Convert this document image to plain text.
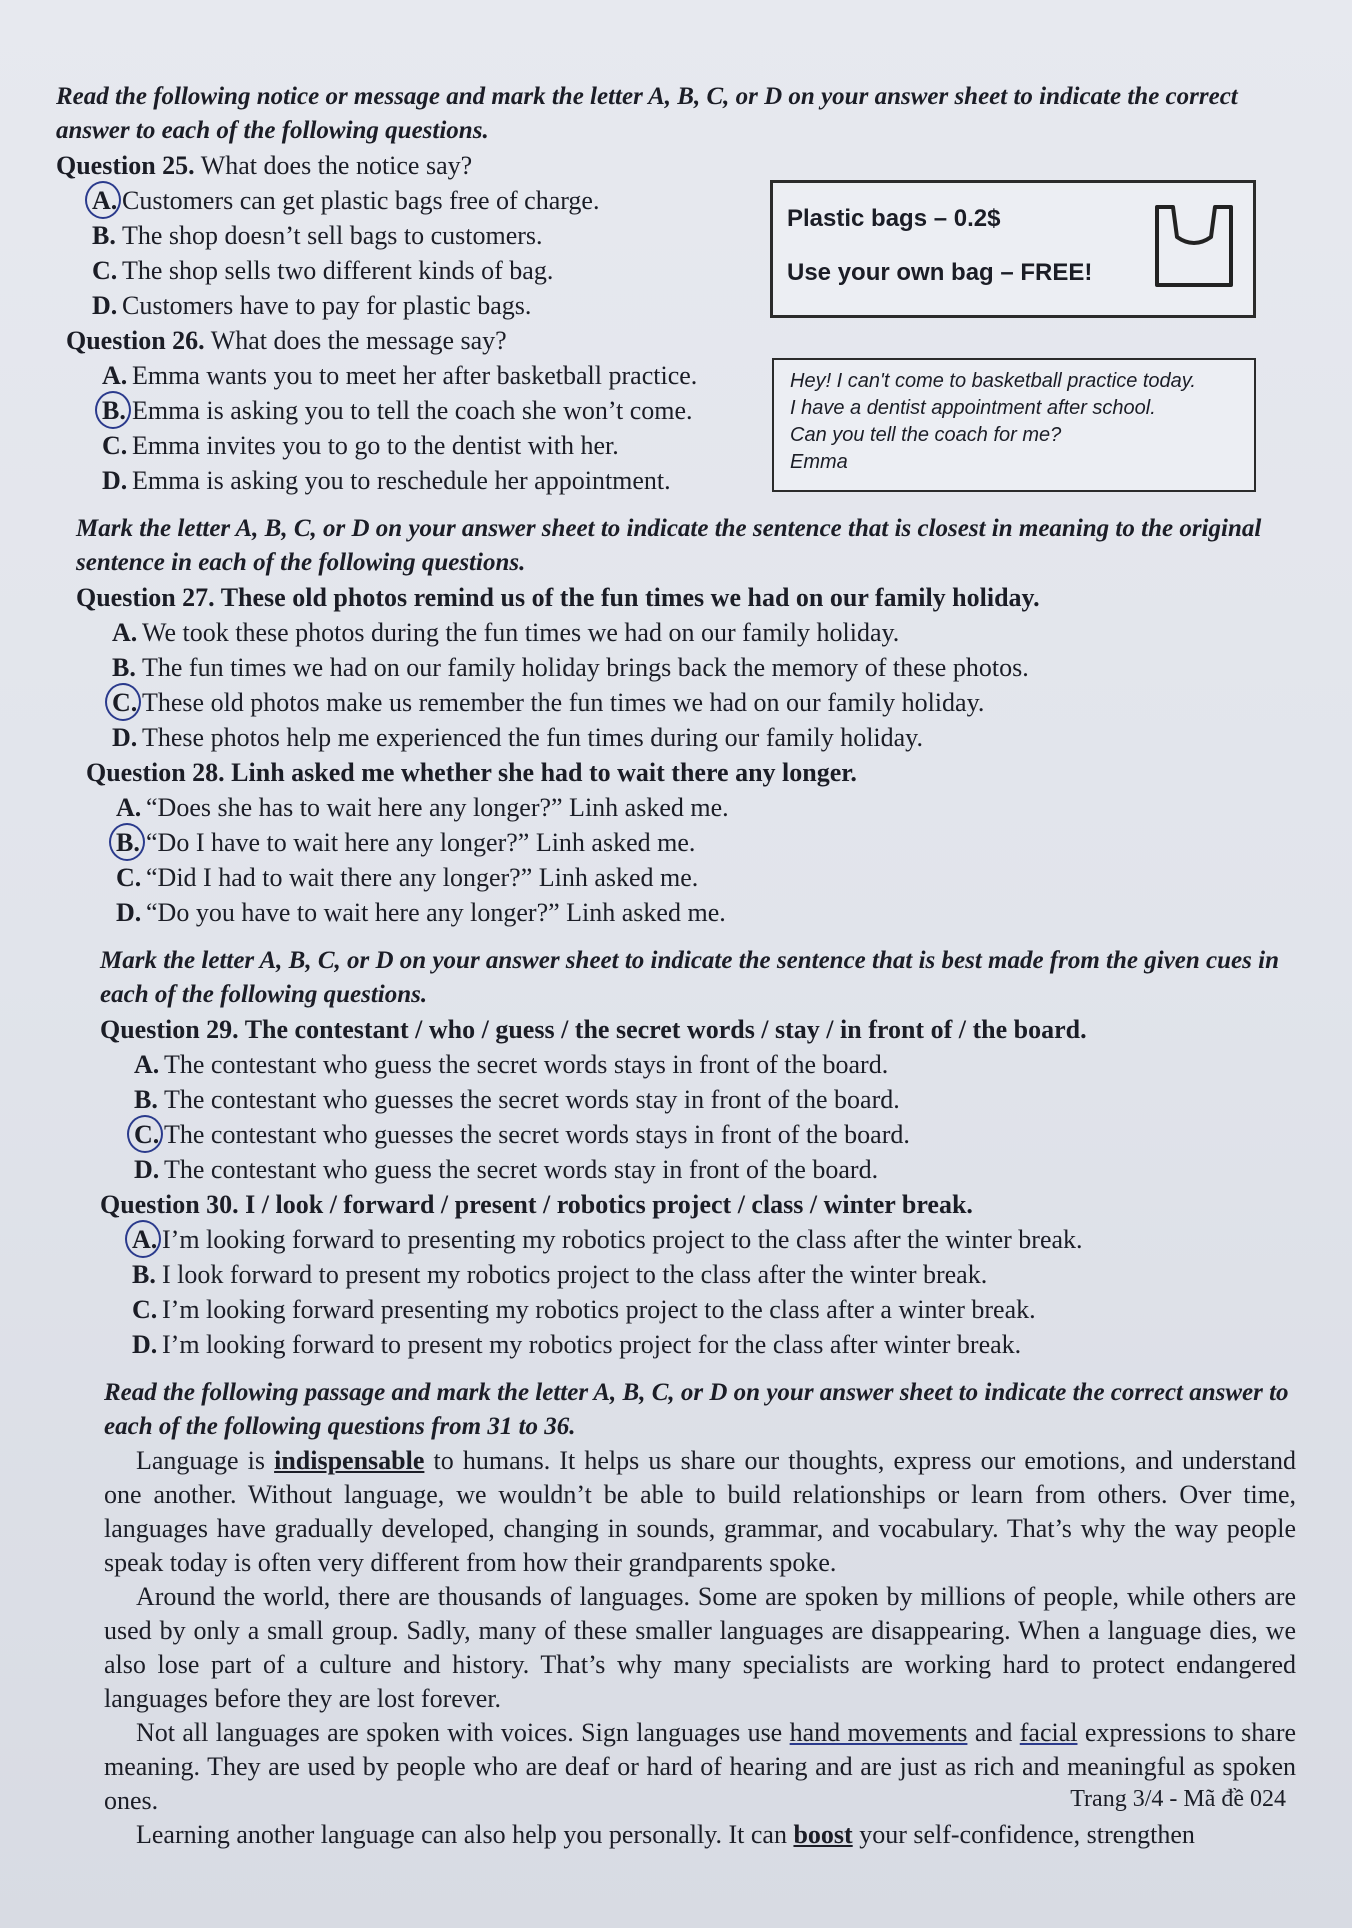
Plastic bags – 0.2$

Use your own bag – FREE!

Hey! I can't come to basketball practice today.

I have a dentist appointment after school.

Can you tell the coach for me?

Emma

Read the following notice or message and mark the letter A, B, C, or D on your answer sheet to indicate the correct answer to each of the following questions.

Question 25. What does the notice say?

A. Customers can get plastic bags free of charge.

B. The shop doesn’t sell bags to customers.

C. The shop sells two different kinds of bag.

D. Customers have to pay for plastic bags.

Question 26. What does the message say?

A. Emma wants you to meet her after basketball practice.

B. Emma is asking you to tell the coach she won’t come.

C. Emma invites you to go to the dentist with her.

D. Emma is asking you to reschedule her appointment.

Mark the letter A, B, C, or D on your answer sheet to indicate the sentence that is closest in meaning to the original sentence in each of the following questions.

Question 27. These old photos remind us of the fun times we had on our family holiday.

A. We took these photos during the fun times we had on our family holiday.

B. The fun times we had on our family holiday brings back the memory of these photos.

C. These old photos make us remember the fun times we had on our family holiday.

D. These photos help me experienced the fun times during our family holiday.

Question 28. Linh asked me whether she had to wait there any longer.

A. “Does she has to wait here any longer?” Linh asked me.

B. “Do I have to wait here any longer?” Linh asked me.

C. “Did I had to wait there any longer?” Linh asked me.

D. “Do you have to wait here any longer?” Linh asked me.

Mark the letter A, B, C, or D on your answer sheet to indicate the sentence that is best made from the given cues in each of the following questions.

Question 29. The contestant / who / guess / the secret words / stay / in front of / the board.

A. The contestant who guess the secret words stays in front of the board.

B. The contestant who guesses the secret words stay in front of the board.

C. The contestant who guesses the secret words stays in front of the board.

D. The contestant who guess the secret words stay in front of the board.

Question 30. I / look / forward / present / robotics project / class / winter break.

A. I’m looking forward to presenting my robotics project to the class after the winter break.

B. I look forward to present my robotics project to the class after the winter break.

C. I’m looking forward presenting my robotics project to the class after a winter break.

D. I’m looking forward to present my robotics project for the class after winter break.

Read the following passage and mark the letter A, B, C, or D on your answer sheet to indicate the correct answer to each of the following questions from 31 to 36.

Language is indispensable to humans. It helps us share our thoughts, express our emotions, and understand one another. Without language, we wouldn’t be able to build relationships or learn from others. Over time, languages have gradually developed, changing in sounds, grammar, and vocabulary. That’s why the way people speak today is often very different from how their grandparents spoke.

Around the world, there are thousands of languages. Some are spoken by millions of people, while others are used by only a small group. Sadly, many of these smaller languages are disappearing. When a language dies, we also lose part of a culture and history. That’s why many specialists are working hard to protect endangered languages before they are lost forever.

Not all languages are spoken with voices. Sign languages use hand movements and facial expressions to share meaning. They are used by people who are deaf or hard of hearing and are just as rich and meaningful as spoken ones.

Learning another language can also help you personally. It can boost your self-confidence, strengthen

Trang 3/4 - Mã đề 024
